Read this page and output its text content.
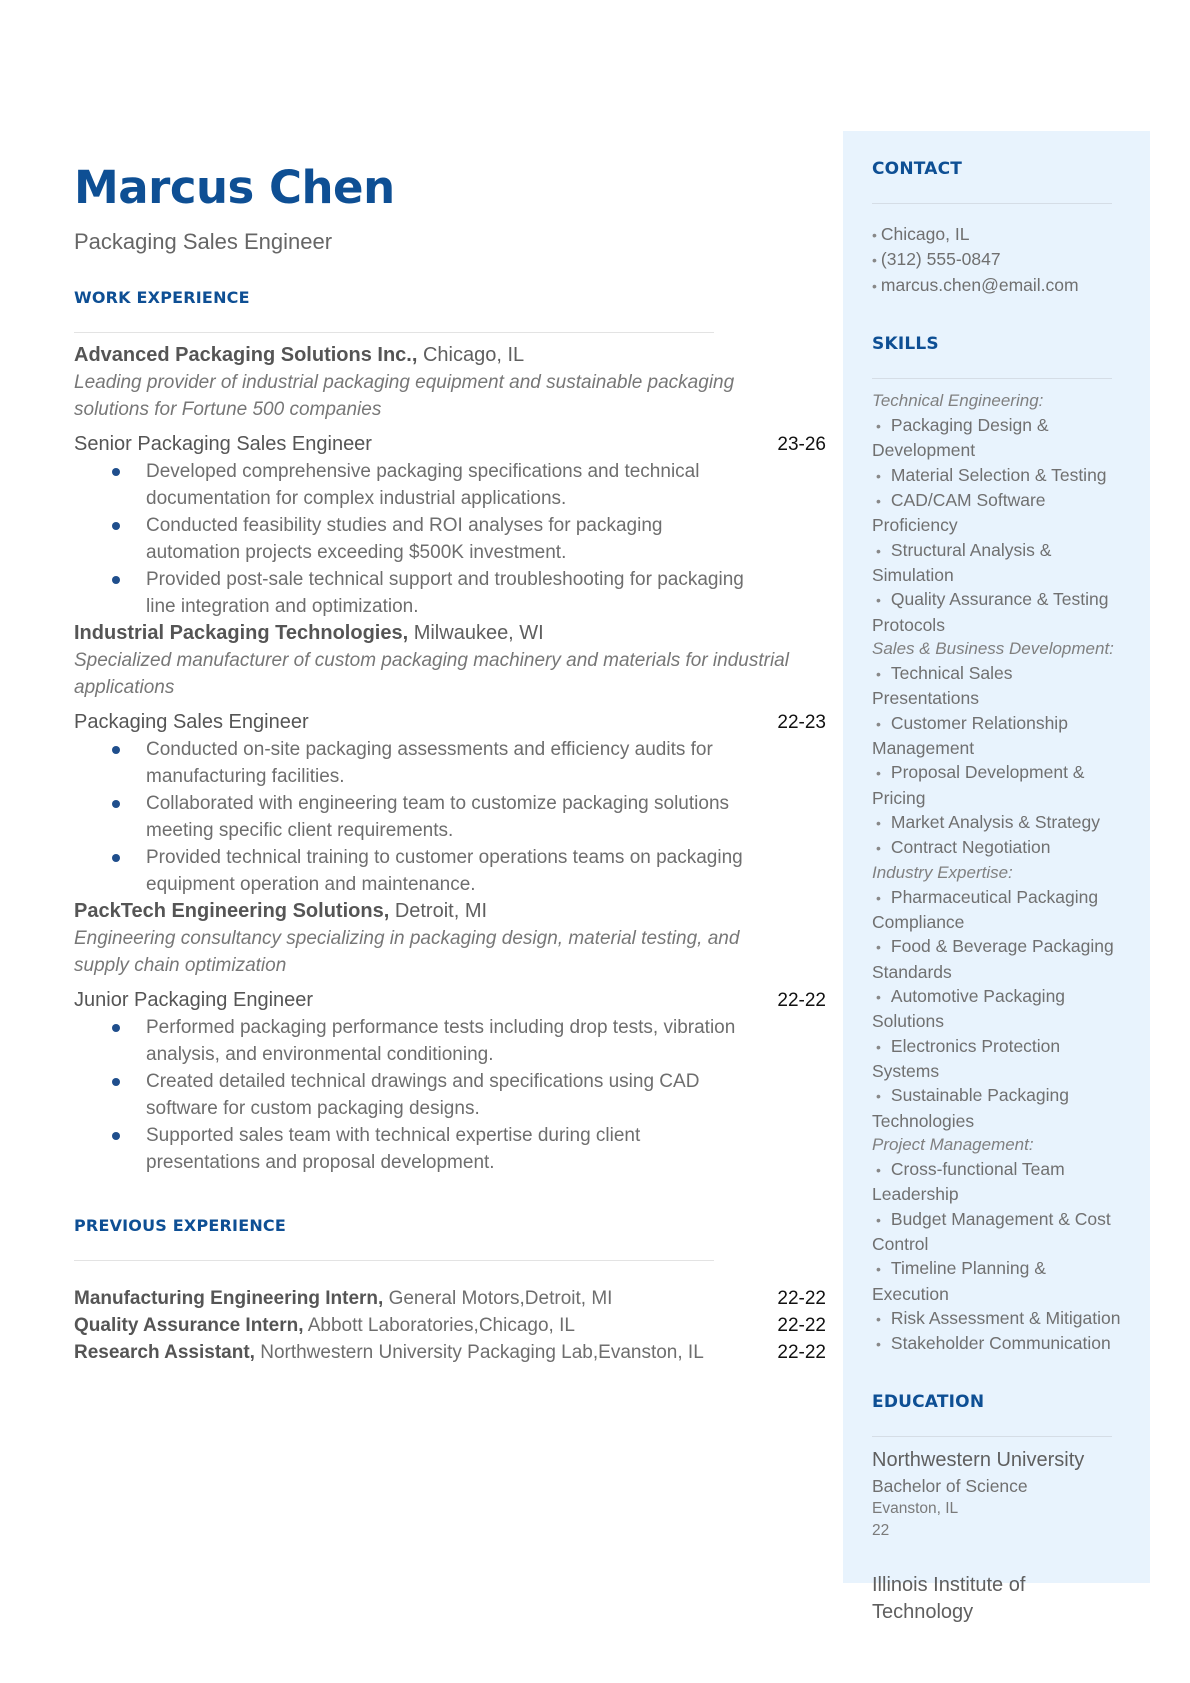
Marcus Chen
Packaging Sales Engineer
WORK EXPERIENCE
Advanced Packaging Solutions Inc., Chicago, IL
Leading provider of industrial packaging equipment and sustainable packaging solutions for Fortune 500 companies
Senior Packaging Sales Engineer	23-26
Developed comprehensive packaging specifications and technical documentation for complex industrial applications.
Conducted feasibility studies and ROI analyses for packaging automation projects exceeding $500K investment.
Provided post-sale technical support and troubleshooting for packaging line integration and optimization.
Industrial Packaging Technologies, Milwaukee, WI
Specialized manufacturer of custom packaging machinery and materials for industrial applications
Packaging Sales Engineer	22-23
Conducted on-site packaging assessments and efficiency audits for manufacturing facilities.
Collaborated with engineering team to customize packaging solutions meeting specific client requirements.
Provided technical training to customer operations teams on packaging equipment operation and maintenance.
PackTech Engineering Solutions, Detroit, MI
Engineering consultancy specializing in packaging design, material testing, and supply chain optimization
Junior Packaging Engineer	22-22
Performed packaging performance tests including drop tests, vibration analysis, and environmental conditioning.
Created detailed technical drawings and specifications using CAD software for custom packaging designs.
Supported sales team with technical expertise during client presentations and proposal development.
PREVIOUS EXPERIENCE
Manufacturing Engineering Intern, General Motors,Detroit, MI	22-22
Quality Assurance Intern, Abbott Laboratories,Chicago, IL	22-22
Research Assistant, Northwestern University Packaging Lab,Evanston, IL	22-22
CONTACT
• Chicago, IL
• (312) 555-0847
• marcus.chen@email.com
SKILLS
Technical Engineering:
• Packaging Design & Development
• Material Selection & Testing
• CAD/CAM Software Proficiency
• Structural Analysis & Simulation
• Quality Assurance & Testing Protocols
Sales & Business Development:
• Technical Sales Presentations
• Customer Relationship Management
• Proposal Development & Pricing
• Market Analysis & Strategy
• Contract Negotiation
Industry Expertise:
• Pharmaceutical Packaging Compliance
• Food & Beverage Packaging Standards
• Automotive Packaging Solutions
• Electronics Protection Systems
• Sustainable Packaging Technologies
Project Management:
• Cross-functional Team Leadership
• Budget Management & Cost Control
• Timeline Planning & Execution
• Risk Assessment & Mitigation
• Stakeholder Communication
EDUCATION
Northwestern University
Bachelor of Science
Evanston, IL
22
Illinois Institute of Technology
